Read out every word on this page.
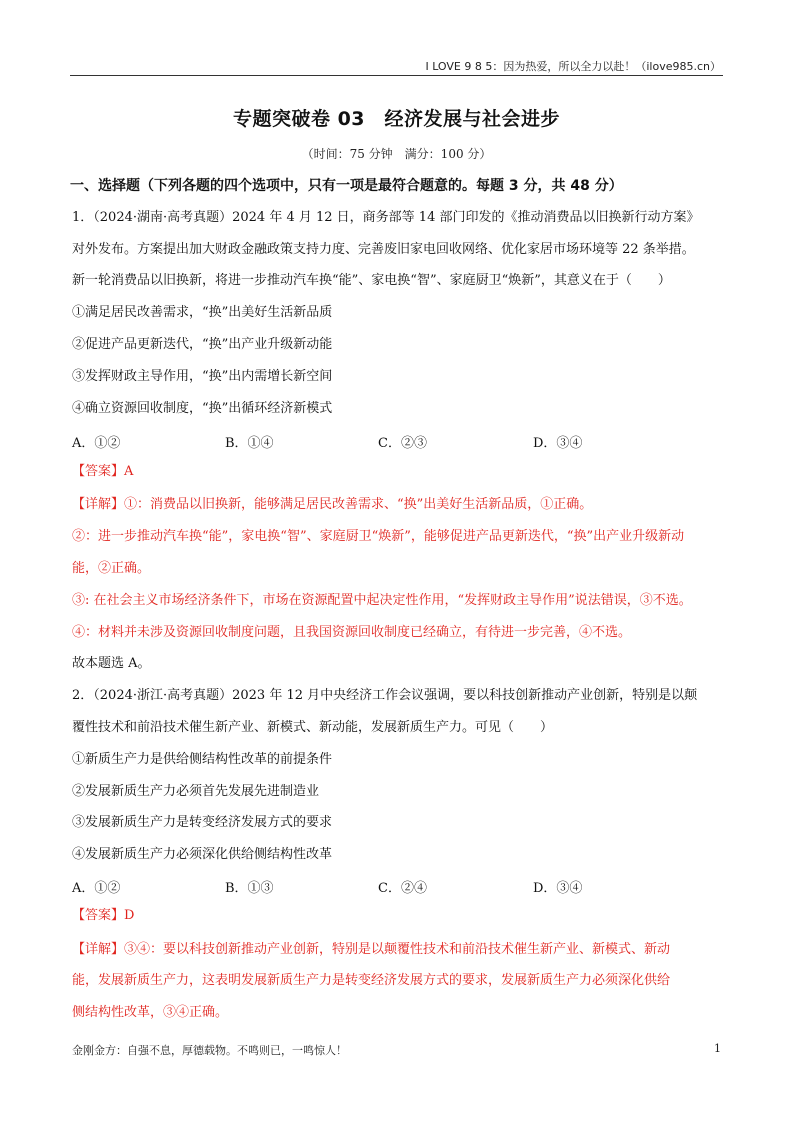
I LOVE 9 8 5：因为热爱，所以全力以赴！（ilove985.cn）
专题突破卷 03　经济发展与社会进步
（时间：75 分钟　满分：100 分）
一、选择题（下列各题的四个选项中，只有一项是最符合题意的。每题 3 分，共 48 分）
1．（2024·湖南·高考真题）2024 年 4 月 12 日，商务部等 14 部门印发的《推动消费品以旧换新行动方案》
对外发布。方案提出加大财政金融政策支持力度、完善废旧家电回收网络、优化家居市场环境等 22 条举措。
新一轮消费品以旧换新，将进一步推动汽车换“能”、家电换“智”、家庭厨卫“焕新”，其意义在于（　　）
①满足居民改善需求，“换”出美好生活新品质
②促进产品更新迭代，“换”出产业升级新动能
③发挥财政主导作用，“换”出内需增长新空间
④确立资源回收制度，“换”出循环经济新模式
A．①②	B．①④	C．②③	D．③④
【答案】A
【详解】①：消费品以旧换新，能够满足居民改善需求、“换”出美好生活新品质，①正确。
②：进一步推动汽车换“能”，家电换“智”、家庭厨卫“焕新”，能够促进产品更新迭代，“换”出产业升级新动
能，②正确。
③: 在社会主义市场经济条件下，市场在资源配置中起决定性作用，“发挥财政主导作用”说法错误，③不选。
④：材料并未涉及资源回收制度问题，且我国资源回收制度已经确立，有待进一步完善，④不选。
故本题选 A。
2．（2024·浙江·高考真题）2023 年 12 月中央经济工作会议强调，要以科技创新推动产业创新，特别是以颠
覆性技术和前沿技术催生新产业、新模式、新动能，发展新质生产力。可见（　　）
①新质生产力是供给侧结构性改革的前提条件
②发展新质生产力必须首先发展先进制造业
③发展新质生产力是转变经济发展方式的要求
④发展新质生产力必须深化供给侧结构性改革
A．①②	B．①③	C．②④	D．③④
【答案】D
【详解】③④：要以科技创新推动产业创新，特别是以颠覆性技术和前沿技术催生新产业、新模式、新动
能，发展新质生产力，这表明发展新质生产力是转变经济发展方式的要求，发展新质生产力必须深化供给
侧结构性改革，③④正确。
金刚金方：自强不息，厚德载物。不鸣则已，一鸣惊人！	1
